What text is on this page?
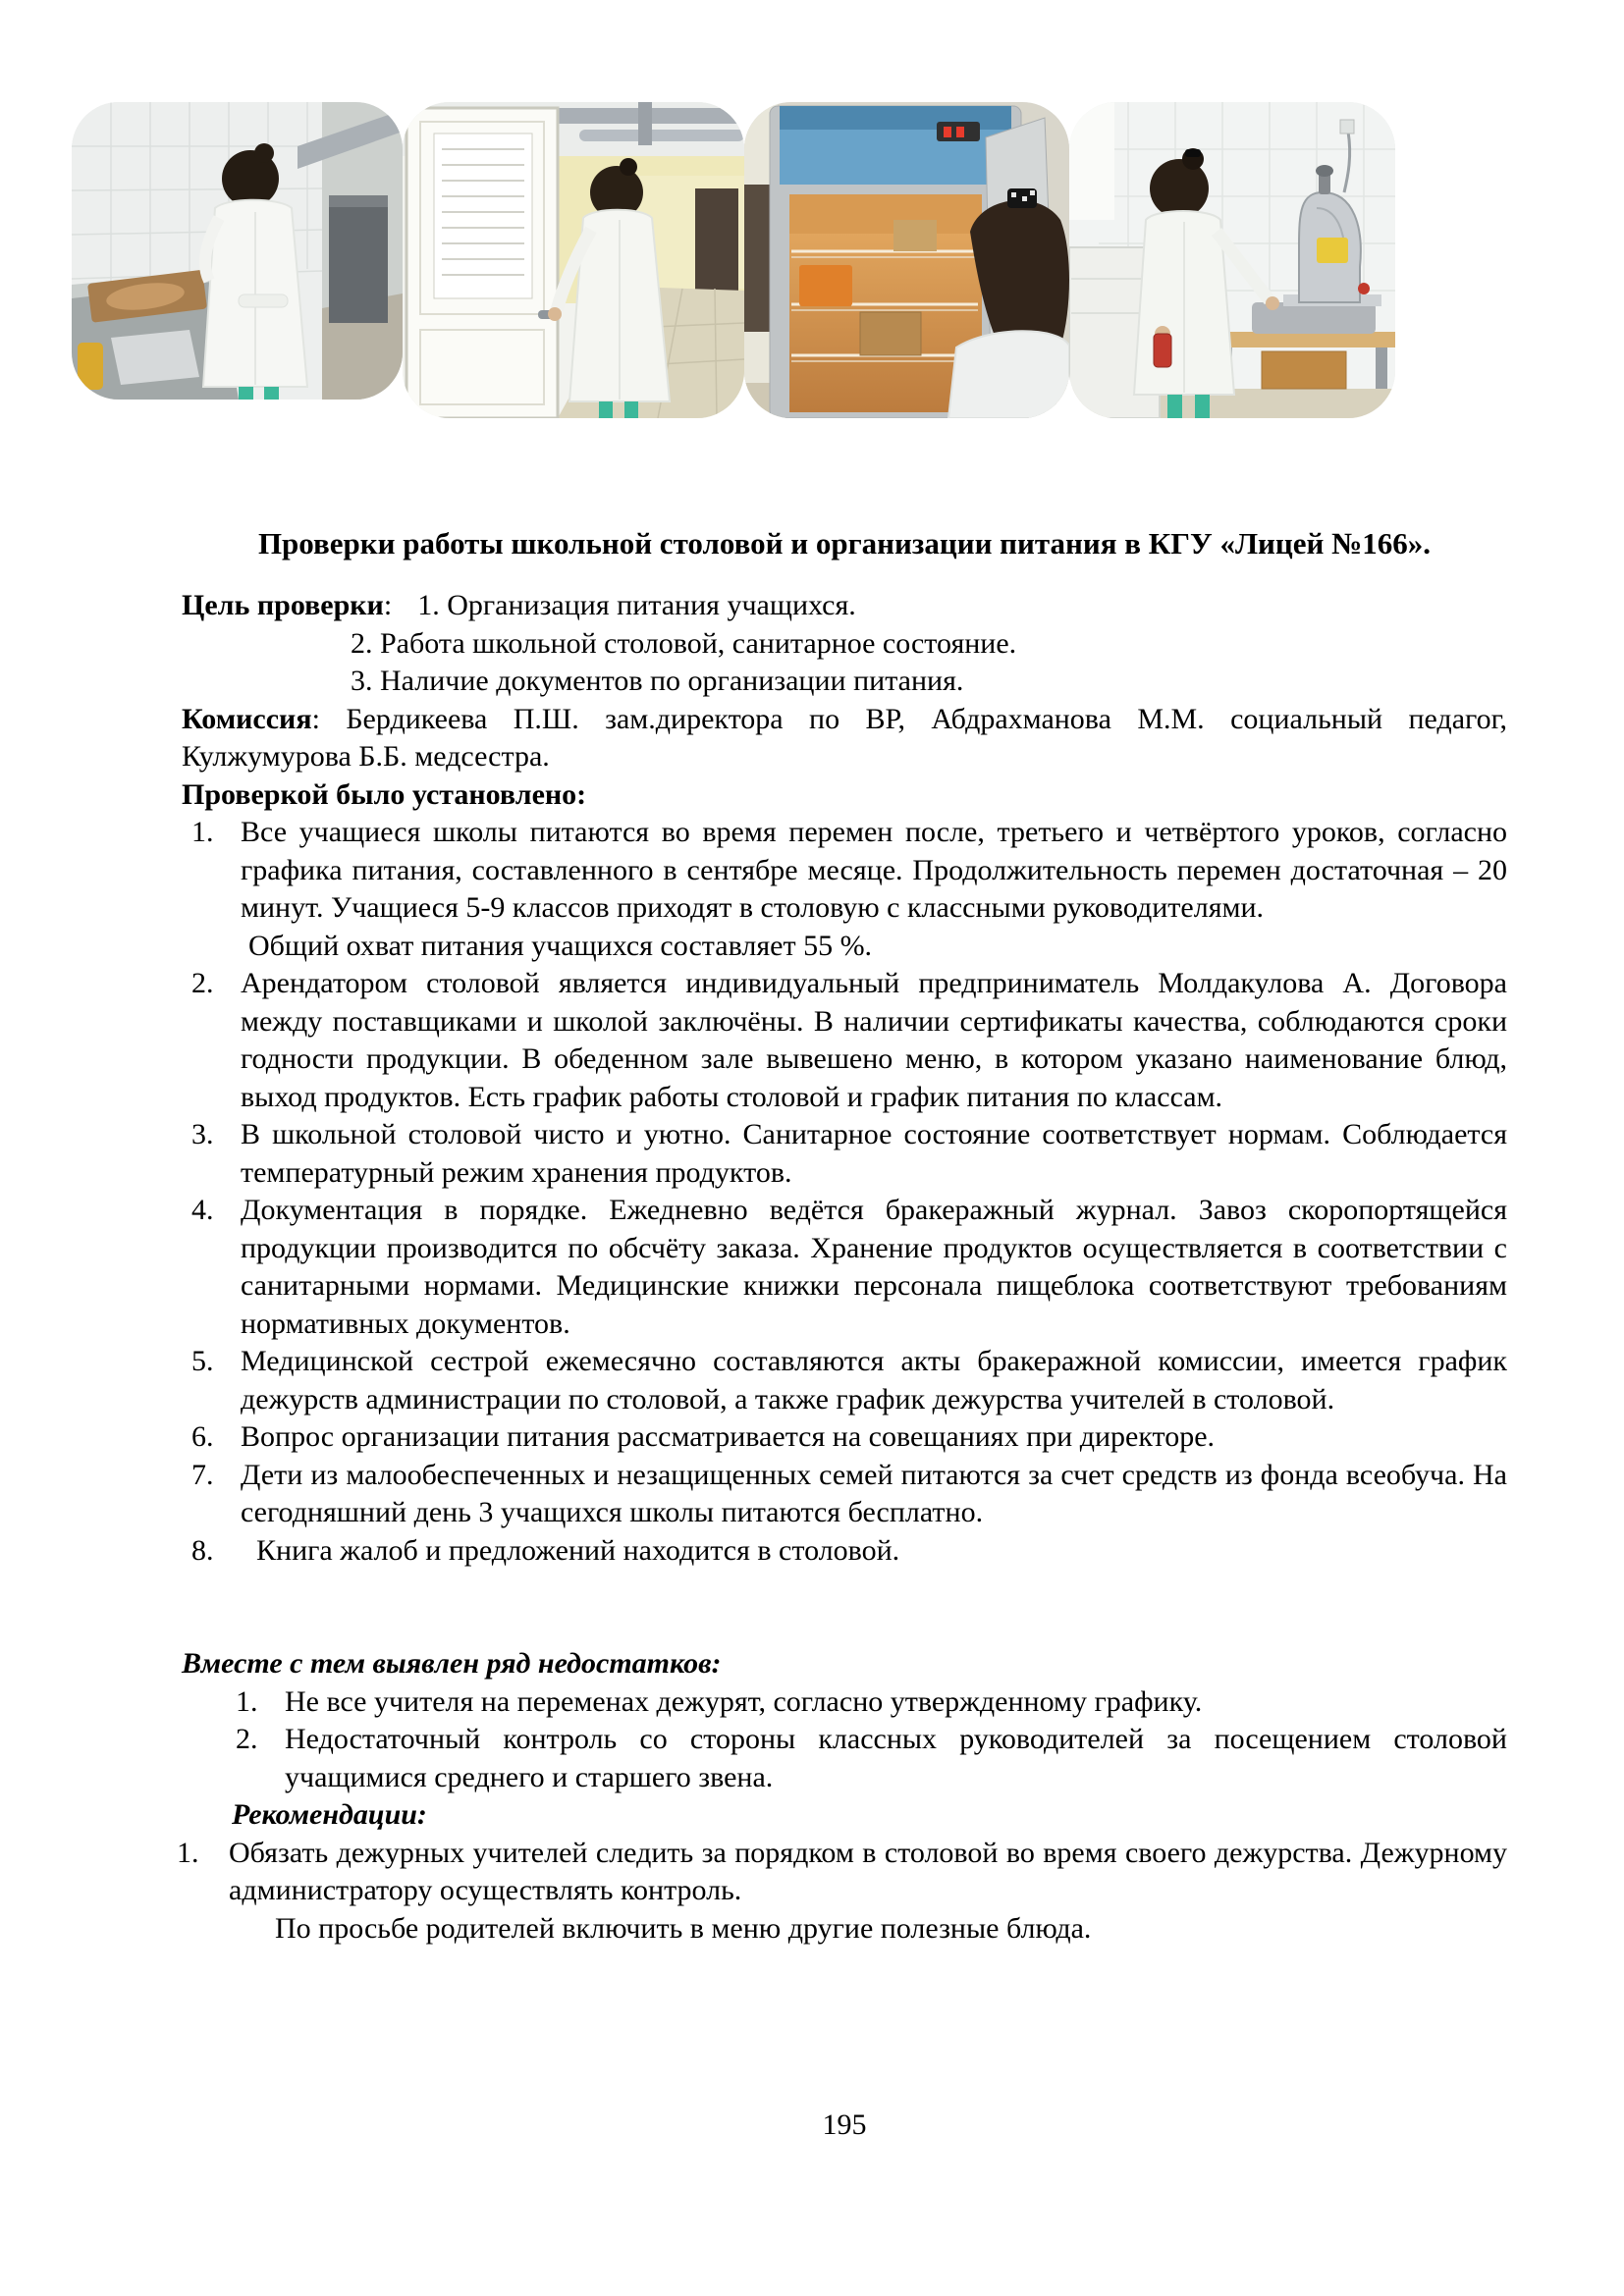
Проверки работы школьной столовой и организации питания в КГУ «Лицей №166».
Цель проверки: 1. Организация питания учащихся.
2. Работа школьной столовой, санитарное состояние.
3. Наличие документов по организации питания.

Комиссия: Бердикеева П.Ш. зам.директора по ВР, Абдрахманова М.М. социальный педагог, Кулжумурова Б.Б. медсестра.

Проверкой было установлено:
1. Все учащиеся школы питаются во время перемен после, третьего и четвёртого уроков, согласно графика питания, составленного в сентябре месяце. Продолжительность перемен достаточная – 20 минут. Учащиеся 5-9 классов приходят в столовую с классными руководителями.
Общий охват питания учащихся составляет 55 %.
2. Арендатором столовой является индивидуальный предприниматель Молдакулова А. Договора между поставщиками и школой заключёны. В наличии сертификаты качества, соблюдаются сроки годности продукции. В обеденном зале вывешено меню, в котором указано наименование блюд, выход продуктов. Есть график работы столовой и график питания по классам.
3. В школьной столовой чисто и уютно. Санитарное состояние соответствует нормам. Соблюдается температурный режим хранения продуктов.
4. Документация в порядке. Ежедневно ведётся бракеражный журнал. Завоз скоропортящейся продукции производится по обсчёту заказа. Хранение продуктов осуществляется в соответствии с санитарными нормами. Медицинские книжки персонала пищеблока соответствуют требованиям нормативных документов.
5. Медицинской сестрой ежемесячно составляются акты бракеражной комиссии, имеется график дежурств администрации по столовой, а также график дежурства учителей в столовой.
6. Вопрос организации питания рассматривается на совещаниях при директоре.
7. Дети из малообеспеченных и незащищенных семей питаются за счет средств из фонда всеобуча. На сегодняшний день 3 учащихся школы питаются бесплатно.
8.	Книга жалоб и предложений находится в столовой.
Вместе с тем выявлен ряд недостатков:
1. Не все учителя на переменах дежурят, согласно утвержденному графику.
2. Недостаточный контроль со стороны классных руководителей за посещением столовой учащимися среднего и старшего звена.
Рекомендации:
1. Обязать дежурных учителей следить за порядком в столовой во время своего дежурства. Дежурному администратору осуществлять контроль.
По просьбе родителей включить в меню другие полезные блюда.
195
